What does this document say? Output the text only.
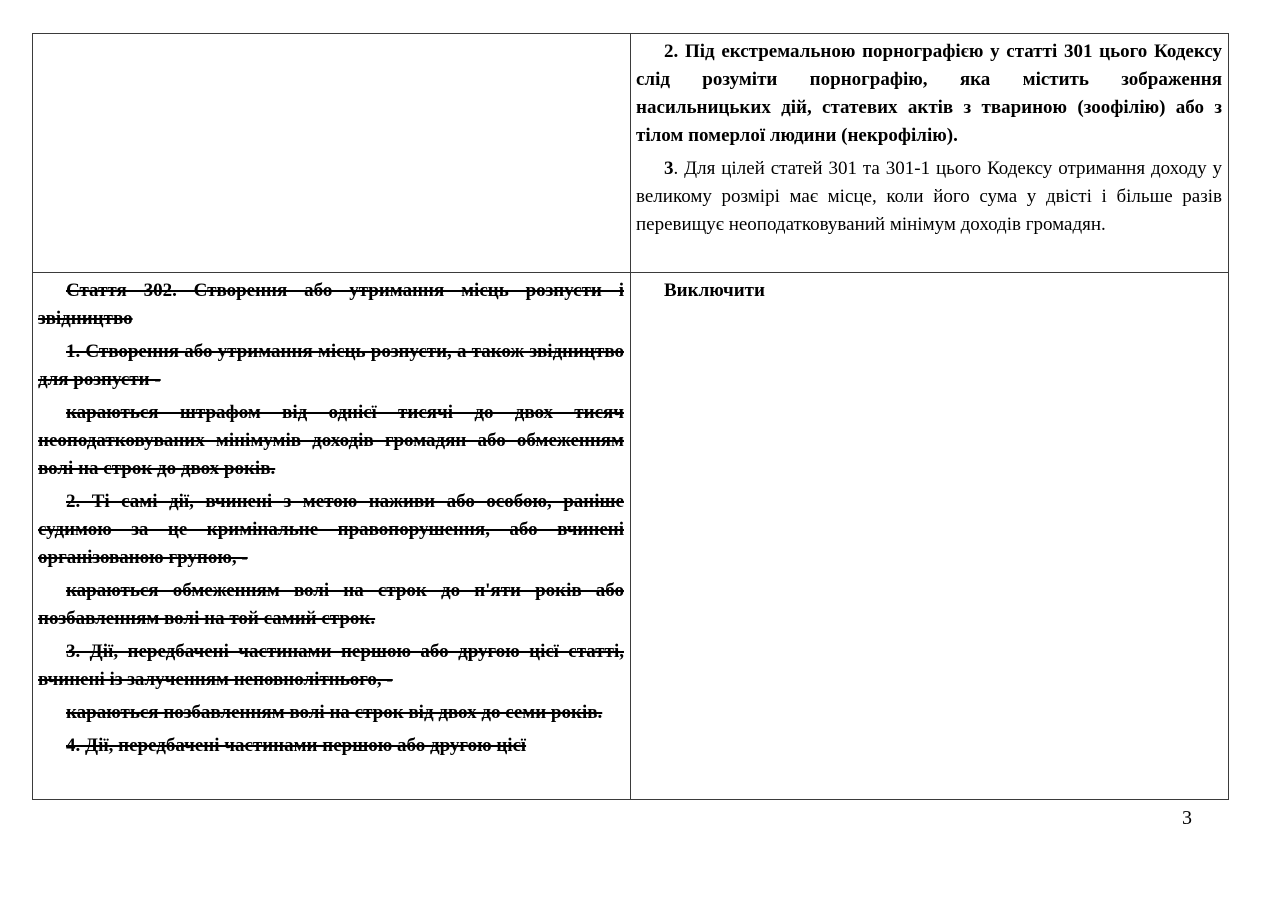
2. Під екстремальною порнографією у статті 301 цього Кодексу слід розуміти порнографію, яка містить зображення насильницьких дій, статевих актів з твариною (зоофілію) або з тілом померлої людини (некрофілію).

3. Для цілей статей 301 та 301-1 цього Кодексу отримання доходу у великому розмірі має місце, коли його сума у двісті і більше разів перевищує неоподатковуваний мінімум доходів громадян.

Стаття 302. Створення або утримання місць розпусти і звідництво

1. Створення або утримання місць розпусти, а також звідництво для розпусти -

караються штрафом від однієї тисячі до двох тисяч неоподатковуваних мінімумів доходів громадян або обмеженням волі на строк до двох років.

2. Ті самі дії, вчинені з метою наживи або особою, раніше судимою за це кримінальне правопорушення, або вчинені організованою групою, -

караються обмеженням волі на строк до п'яти років або позбавленням волі на той самий строк.

3. Дії, передбачені частинами першою або другою цієї статті, вчинені із залученням неповнолітнього, -

караються позбавленням волі на строк від двох до семи років.

4. Дії, передбачені частинами першою або другою цієї

Виключити

3
